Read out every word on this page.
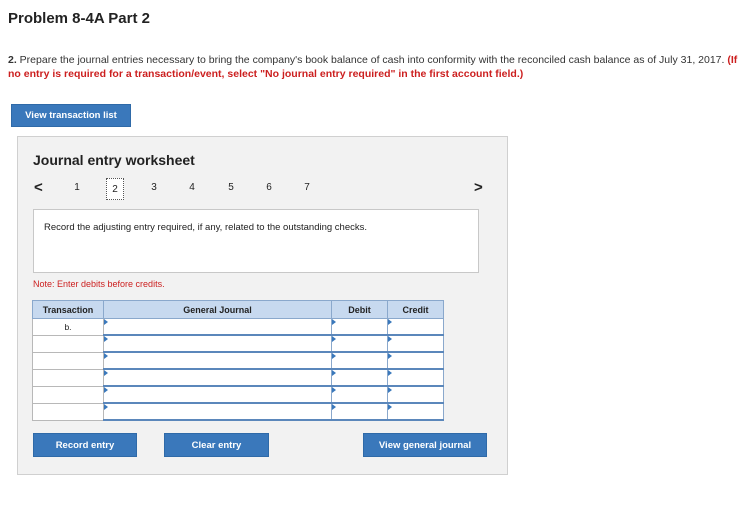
Problem 8-4A Part 2
2. Prepare the journal entries necessary to bring the company's book balance of cash into conformity with the reconciled cash balance as of July 31, 2017. (If no entry is required for a transaction/event, select "No journal entry required" in the first account field.)
View transaction list
Journal entry worksheet
<	1	2	3	4	5	6	7	>
Record the adjusting entry required, if any, related to the outstanding checks.
Note: Enter debits before credits.
Transaction	General Journal	Debit	Credit
b.	

Record entry	Clear entry	View general journal
